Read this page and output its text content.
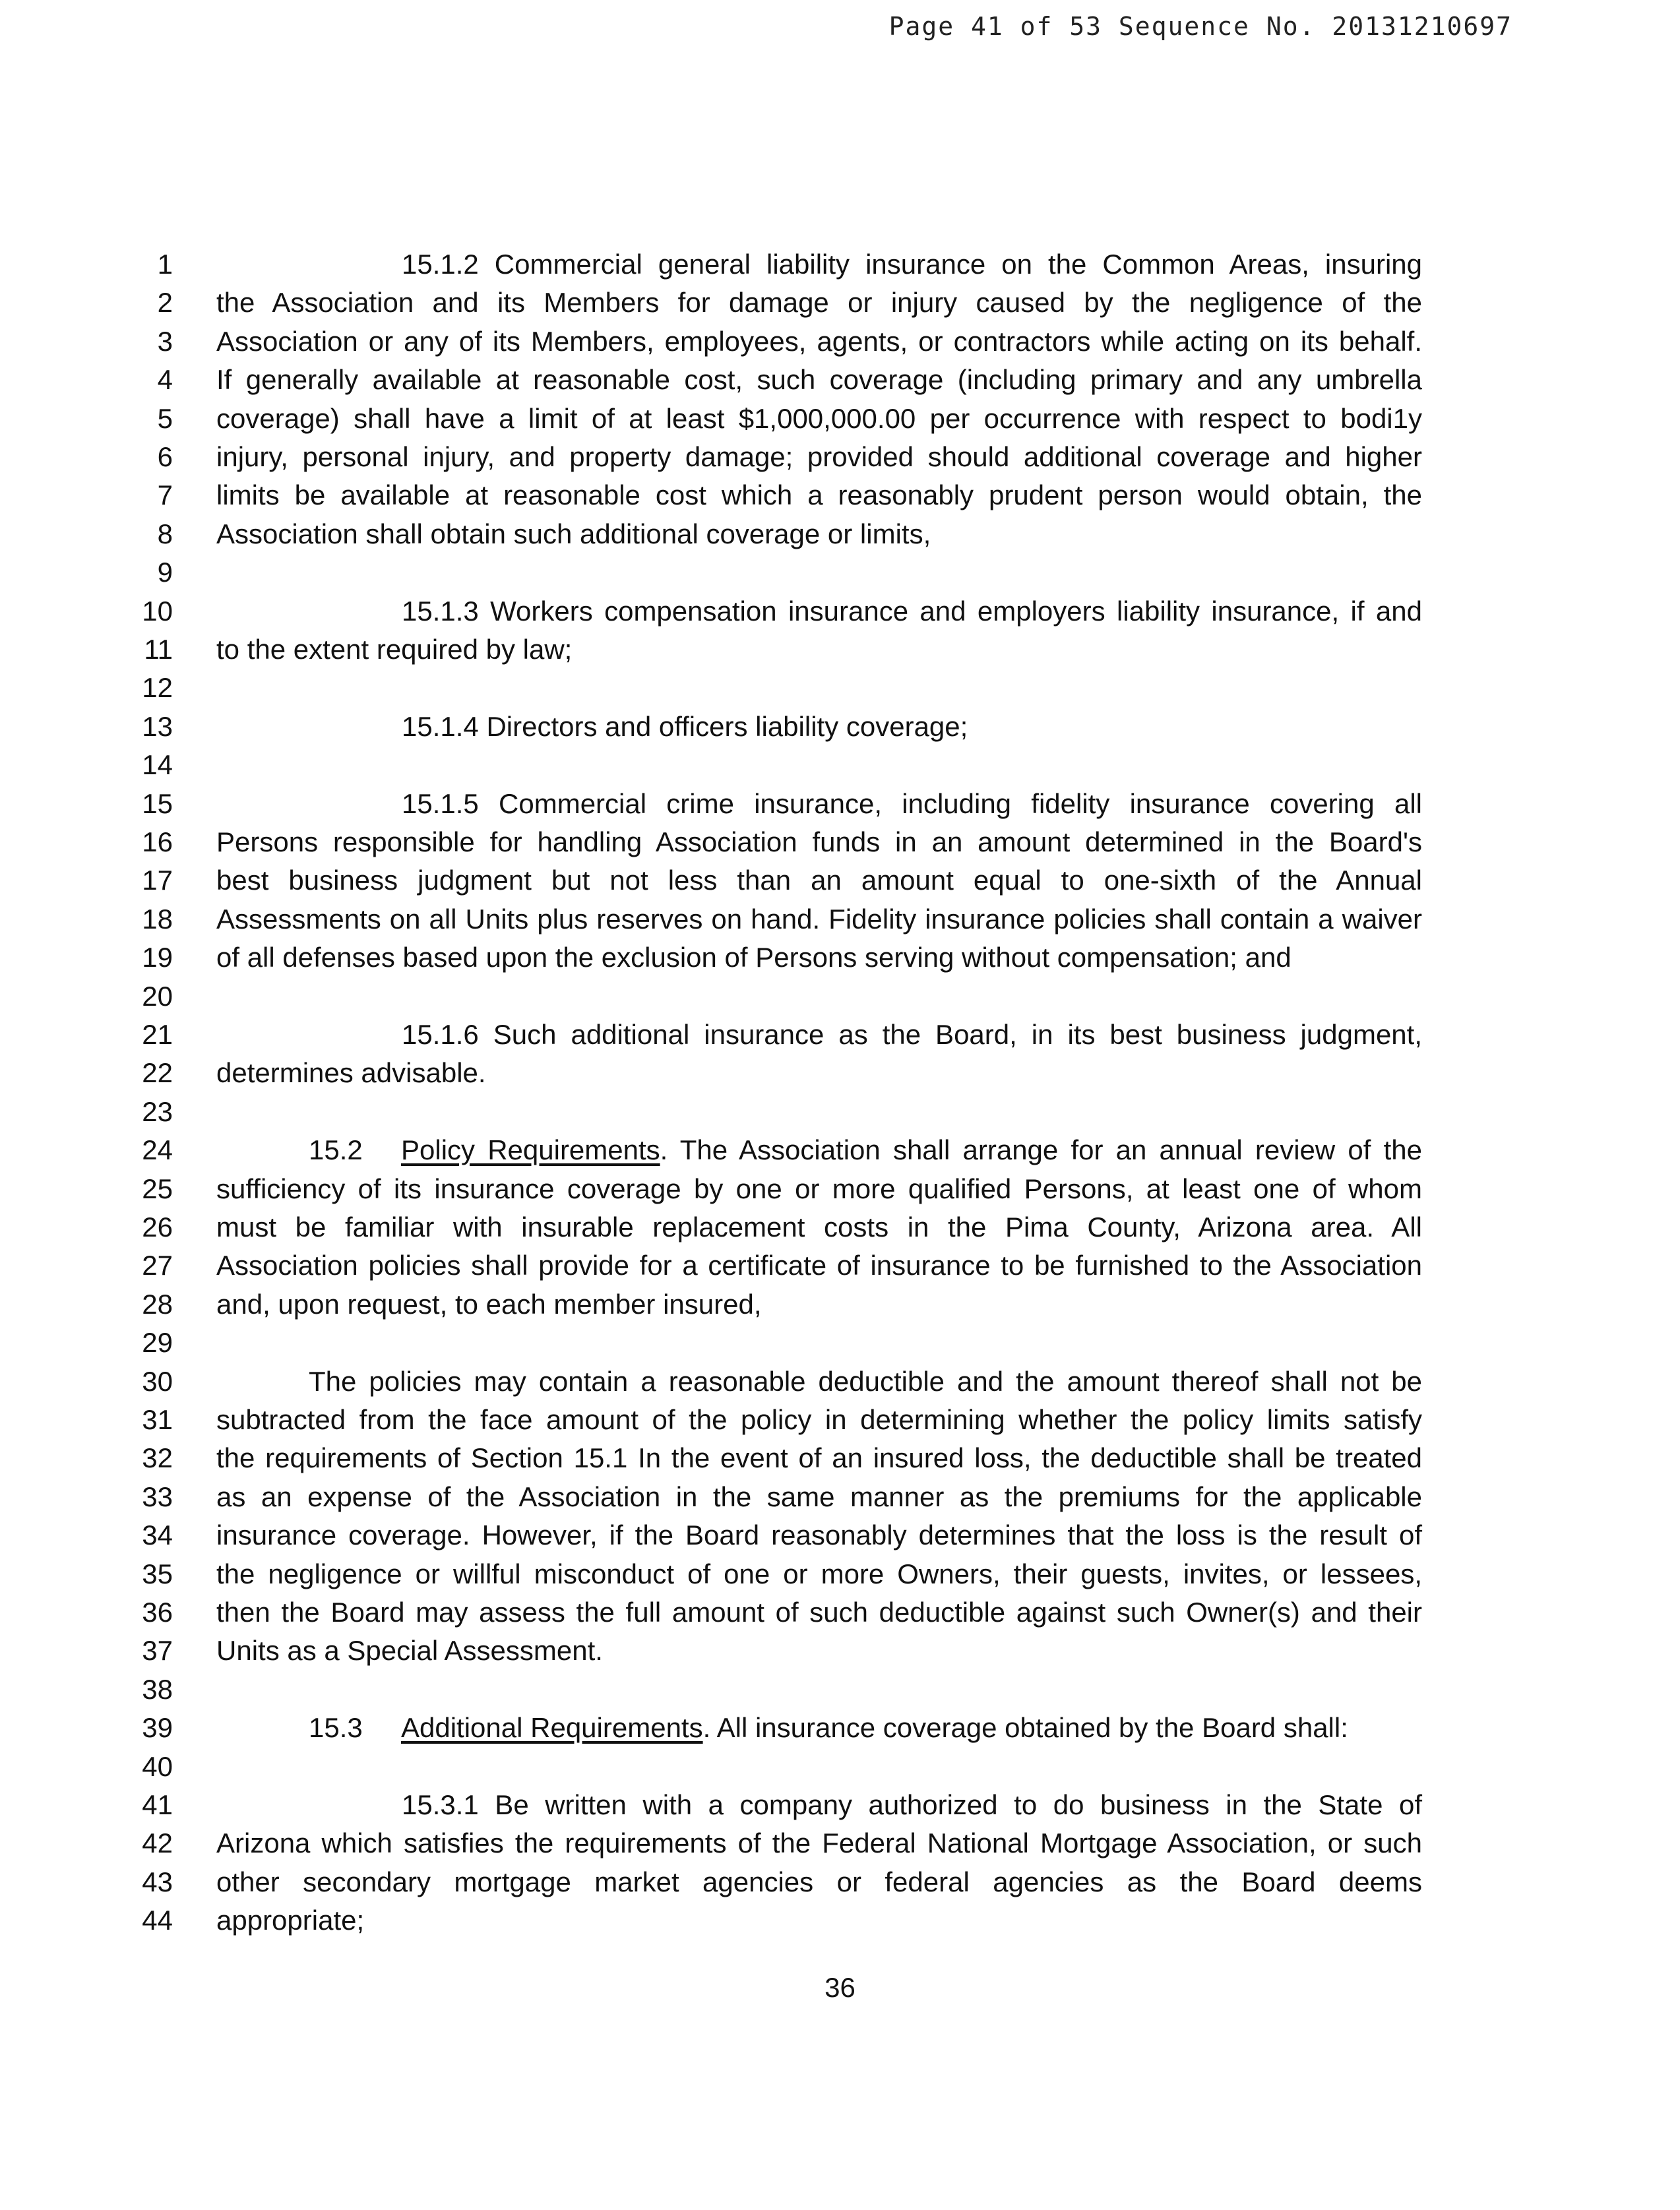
Page 41 of 53 Sequence No. 20131210697
1	15.1.2 Commercial general liability insurance on the Common Areas, insuring
2 the Association and its Members for damage or injury caused by the negligence of the
3 Association or any of its Members, employees, agents, or contractors while acting on its behalf.
4 If generally available at reasonable cost, such coverage (including primary and any umbrella
5 coverage) shall have a limit of at least $1,000,000.00 per occurrence with respect to bodi1y
6 injury, personal injury, and property damage; provided should additional coverage and higher
7 limits be available at reasonable cost which a reasonably prudent person would obtain, the
8 Association shall obtain such additional coverage or limits,
9
10	15.1.3 Workers compensation insurance and employers liability insurance, if and
11 to the extent required by law;
12
13	15.1.4 Directors and officers liability coverage;
14
15	15.1.5 Commercial crime insurance, including fidelity insurance covering all
16 Persons responsible for handling Association funds in an amount determined in the Board's
17 best business judgment but not less than an amount equal to one-sixth of the Annual
18 Assessments on all Units plus reserves on hand. Fidelity insurance policies shall contain a waiver
19 of all defenses based upon the exclusion of Persons serving without compensation; and
20
21	15.1.6 Such additional insurance as the Board, in its best business judgment,
22 determines advisable.
23
24	15.2 Policy Requirements. The Association shall arrange for an annual review of the
25 sufficiency of its insurance coverage by one or more qualified Persons, at least one of whom
26 must be familiar with insurable replacement costs in the Pima County, Arizona area. All
27 Association policies shall provide for a certificate of insurance to be furnished to the Association
28 and, upon request, to each member insured,
29
30	The policies may contain a reasonable deductible and the amount thereof shall not be
31 subtracted from the face amount of the policy in determining whether the policy limits satisfy
32 the requirements of Section 15.1 In the event of an insured loss, the deductible shall be treated
33 as an expense of the Association in the same manner as the premiums for the applicable
34 insurance coverage. However, if the Board reasonably determines that the loss is the result of
35 the negligence or willful misconduct of one or more Owners, their guests, invites, or lessees,
36 then the Board may assess the full amount of such deductible against such Owner(s) and their
37 Units as a Special Assessment.
38
39	15.3 Additional Requirements. All insurance coverage obtained by the Board shall:
40
41	15.3.1 Be written with a company authorized to do business in the State of
42 Arizona which satisfies the requirements of the Federal National Mortgage Association, or such
43 other secondary mortgage market agencies or federal agencies as the Board deems
44 appropriate;
36
